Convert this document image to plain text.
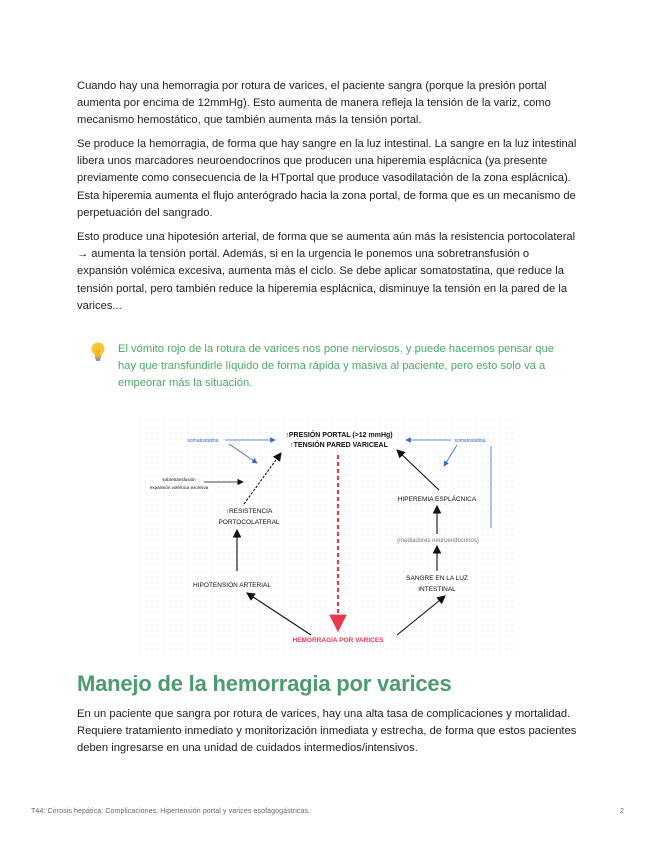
Cuando hay una hemorragia por rotura de varices, el paciente sangra (porque la presión portal aumenta por encima de 12mmHg). Esto aumenta de manera refleja la tensión de la variz, como mecanismo hemostático, que también aumenta más la tensión portal.

Se produce la hemorragia, de forma que hay sangre en la luz intestinal. La sangre en la luz intestinal libera unos marcadores neuroendocrinos que producen una hiperemia esplácnica (ya presente previamente como consecuencia de la HTportal que produce vasodilatación de la zona esplácnica). Esta hiperemia aumenta el flujo anterógrado hacia la zona portal, de forma que es un mecanismo de perpetuación del sangrado.

Esto produce una hipotesión arterial, de forma que se aumenta aún más la resistencia portocolateral → aumenta la tensión portal. Además, si en la urgencia le ponemos una sobretransfusión o expansión volémica excesiva, aumenta más el ciclo. Se debe aplicar somatostatina, que reduce la tensión portal, pero también reduce la hiperemia esplácnica, disminuye la tensión en la pared de la varices...

El vómito rojo de la rotura de varices nos pone nerviosos, y puede hacernos pensar que hay que transfundirle líquido de forma rápida y masiva al paciente, pero esto solo va a empeorar más la situación.

↑PRESIÓN PORTAL (>12 mmHg)
↑TENSIÓN PARED VARICEAL
↑RESISTENCIA
PORTOCOLATERAL
HIPOTENSIÓN ARTERIAL
HIPEREMIA ESPLÁCNICA
(mediadores neuroendocrinos)
SANGRE EN LA LUZ
INTESTINAL
HEMORRAGIA POR VARICES
sobretransfusión
expansión volémica excesiva
somatostatina	somatostatina
Manejo de la hemorragia por varices

En un paciente que sangra por rotura de varices, hay una alta tasa de complicaciones y mortalidad. Requiere tratamiento inmediato y monitorización inmediata y estrecha, de forma que estos pacientes deben ingresarse en una unidad de cuidados intermedios/intensivos.

T44: Cirrosis hepática: Complicaciones. Hipertensión portal y varices esofagogástricas.	2
